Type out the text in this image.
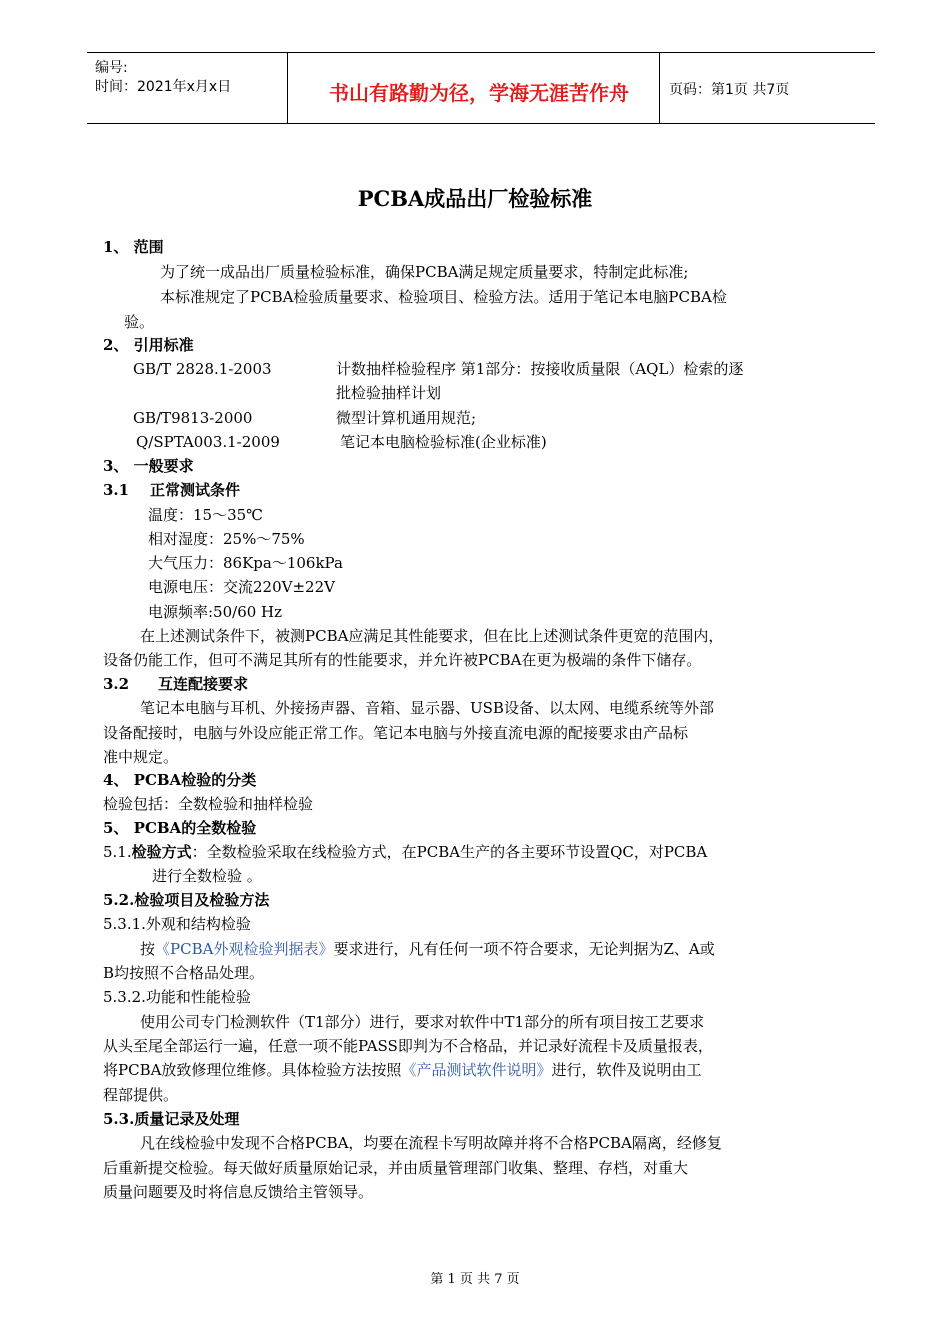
编号:
时间：2021年x月x日	书山有路勤为径，学海无涯苦作舟	页码：第1页 共7页
PCBA成品出厂检验标准
1、 范围
为了统一成品出厂质量检验标准，确保PCBA满足规定质量要求，特制定此标准;
本标准规定了PCBA检验质量要求、检验项目、检验方法。适用于笔记本电脑PCBA检
验。
2、 引用标准
GB/T 2828.1-2003	计数抽样检验程序 第1部分：按接收质量限（AQL）检索的逐
批检验抽样计划
GB/T9813-2000	微型计算机通用规范;
Q/SPTA003.1-2009	笔记本电脑检验标准(企业标准)
3、 一般要求
3.1 正常测试条件
温度：15～35℃
相对湿度：25%～75%
大气压力：86Kpa～106kPa
电源电压：交流220V±22V
电源频率:50/60 Hz
在上述测试条件下，被测PCBA应满足其性能要求，但在比上述测试条件更宽的范围内，
设备仍能工作，但可不满足其所有的性能要求，并允许被PCBA在更为极端的条件下储存。
3.2 互连配接要求
笔记本电脑与耳机、外接扬声器、音箱、显示器、USB设备、以太网、电缆系统等外部
设备配接时，电脑与外设应能正常工作。笔记本电脑与外接直流电源的配接要求由产品标
准中规定。
4、 PCBA检验的分类
检验包括：全数检验和抽样检验
5、 PCBA的全数检验
5.1.检验方式：全数检验采取在线检验方式，在PCBA生产的各主要环节设置QC，对PCBA
进行全数检验 。
5.2.检验项目及检验方法
5.3.1.外观和结构检验
按《PCBA外观检验判据表》要求进行，凡有任何一项不符合要求，无论判据为Z、A或
B均按照不合格品处理。
5.3.2.功能和性能检验
使用公司专门检测软件（T1部分）进行，要求对软件中T1部分的所有项目按工艺要求
从头至尾全部运行一遍，任意一项不能PASS即判为不合格品，并记录好流程卡及质量报表，
将PCBA放致修理位维修。具体检验方法按照《产品测试软件说明》进行，软件及说明由工
程部提供。
5.3.质量记录及处理
凡在线检验中发现不合格PCBA，均要在流程卡写明故障并将不合格PCBA隔离，经修复
后重新提交检验。每天做好质量原始记录，并由质量管理部门收集、整理、存档，对重大
质量问题要及时将信息反馈给主管领导。
第 1 页 共 7 页
